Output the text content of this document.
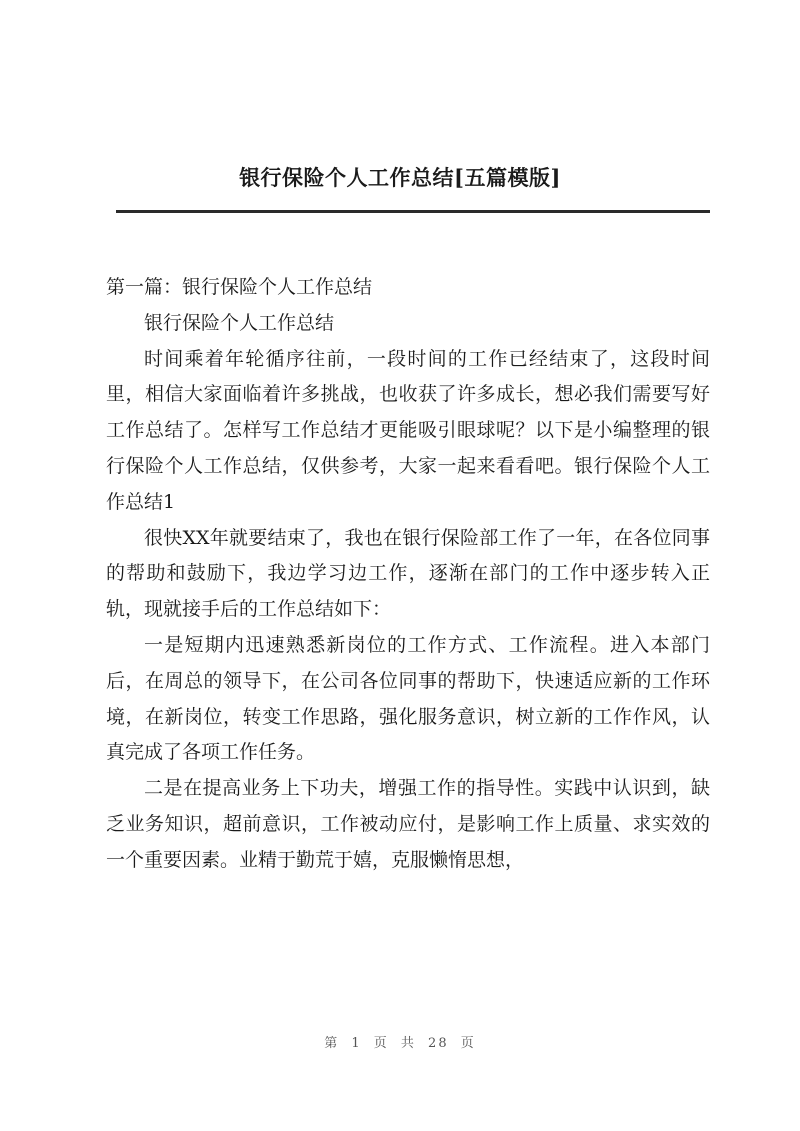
银行保险个人工作总结[五篇模版]

第一篇：银行保险个人工作总结

银行保险个人工作总结

时间乘着年轮循序往前，一段时间的工作已经结束了，这段时间里，相信大家面临着许多挑战，也收获了许多成长，想必我们需要写好工作总结了。怎样写工作总结才更能吸引眼球呢？以下是小编整理的银行保险个人工作总结，仅供参考，大家一起来看看吧。银行保险个人工作总结1

很快XX年就要结束了，我也在银行保险部工作了一年，在各位同事的帮助和鼓励下，我边学习边工作，逐渐在部门的工作中逐步转入正轨，现就接手后的工作总结如下：

一是短期内迅速熟悉新岗位的工作方式、工作流程。进入本部门后，在周总的领导下，在公司各位同事的帮助下，快速适应新的工作环境，在新岗位，转变工作思路，强化服务意识，树立新的工作作风，认真完成了各项工作任务。

二是在提高业务上下功夫，增强工作的指导性。实践中认识到，缺乏业务知识，超前意识，工作被动应付，是影响工作上质量、求实效的一个重要因素。业精于勤荒于嬉，克服懒惰思想，

第 1 页 共 28 页
